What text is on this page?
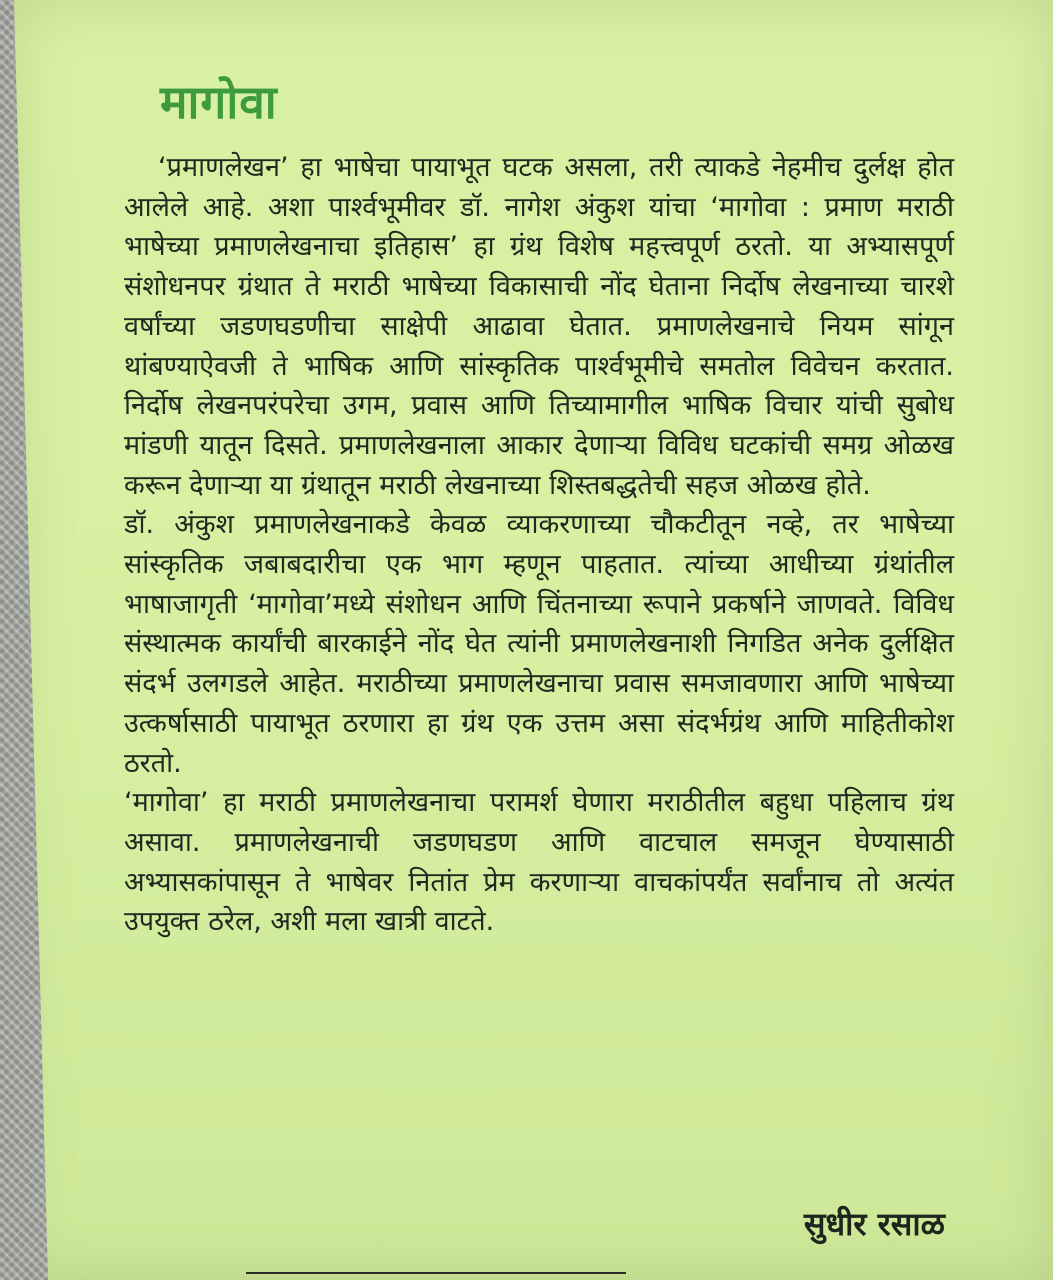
मागोवा

‘प्रमाणलेखन’ हा भाषेचा पायाभूत घटक असला, तरी त्याकडे नेहमीच दुर्लक्ष होत आलेले आहे. अशा पार्श्वभूमीवर डॉ. नागेश अंकुश यांचा ‘मागोवा : प्रमाण मराठी भाषेच्या प्रमाणलेखनाचा इतिहास’ हा ग्रंथ विशेष महत्त्वपूर्ण ठरतो. या अभ्यासपूर्ण संशोधनपर ग्रंथात ते मराठी भाषेच्या विकासाची नोंद घेताना निर्दोष लेखनाच्या चारशे वर्षांच्या जडणघडणीचा साक्षेपी आढावा घेतात. प्रमाणलेखनाचे नियम सांगून थांबण्याऐवजी ते भाषिक आणि सांस्कृतिक पार्श्वभूमीचे समतोल विवेचन करतात. निर्दोष लेखनपरंपरेचा उगम, प्रवास आणि तिच्यामागील भाषिक विचार यांची सुबोध मांडणी यातून दिसते. प्रमाणलेखनाला आकार देणाऱ्या विविध घटकांची समग्र ओळख करून देणाऱ्या या ग्रंथातून मराठी लेखनाच्या शिस्तबद्धतेची सहज ओळख होते.

डॉ. अंकुश प्रमाणलेखनाकडे केवळ व्याकरणाच्या चौकटीतून नव्हे, तर भाषेच्या सांस्कृतिक जबाबदारीचा एक भाग म्हणून पाहतात. त्यांच्या आधीच्या ग्रंथांतील भाषाजागृती ‘मागोवा’मध्ये संशोधन आणि चिंतनाच्या रूपाने प्रकर्षाने जाणवते. विविध संस्थात्मक कार्यांची बारकाईने नोंद घेत त्यांनी प्रमाणलेखनाशी निगडित अनेक दुर्लक्षित संदर्भ उलगडले आहेत. मराठीच्या प्रमाणलेखनाचा प्रवास समजावणारा आणि भाषेच्या उत्कर्षासाठी पायाभूत ठरणारा हा ग्रंथ एक उत्तम असा संदर्भग्रंथ आणि माहितीकोश ठरतो.

‘मागोवा’ हा मराठी प्रमाणलेखनाचा परामर्श घेणारा मराठीतील बहुधा पहिलाच ग्रंथ असावा. प्रमाणलेखनाची जडणघडण आणि वाटचाल समजून घेण्यासाठी अभ्यासकांपासून ते भाषेवर नितांत प्रेम करणाऱ्या वाचकांपर्यंत सर्वांनाच तो अत्यंत उपयुक्त ठरेल, अशी मला खात्री वाटते.

सुधीर रसाळ
